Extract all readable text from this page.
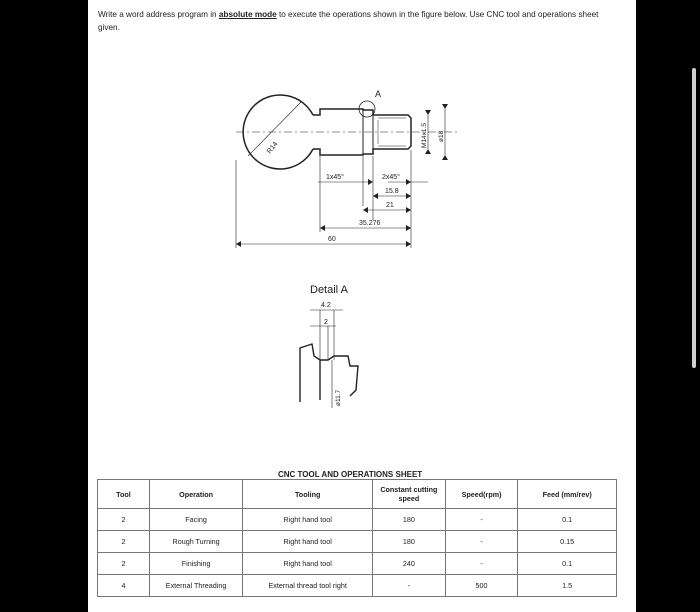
Write a word address program in absolute mode to execute the operations shown in the figure below. Use CNC tool and operations sheet given.
A
R14
M14x1.5 ø18
1x45°	2x45°
15.8
21
35.276
60
Detail A
4.2
2
ø11.7
CNC TOOL AND OPERATIONS SHEET
Tool	Operation	Tooling	Constant cutting speed	Speed(rpm)	Feed (mm/rev)
2	Facing	Right hand tool	180	-	0.1
2	Rough Turning	Right hand tool	180	-	0.15
2	Finishing	Right hand tool	240	-	0.1
4	External Threading	External thread tool right	-	500	1.5
